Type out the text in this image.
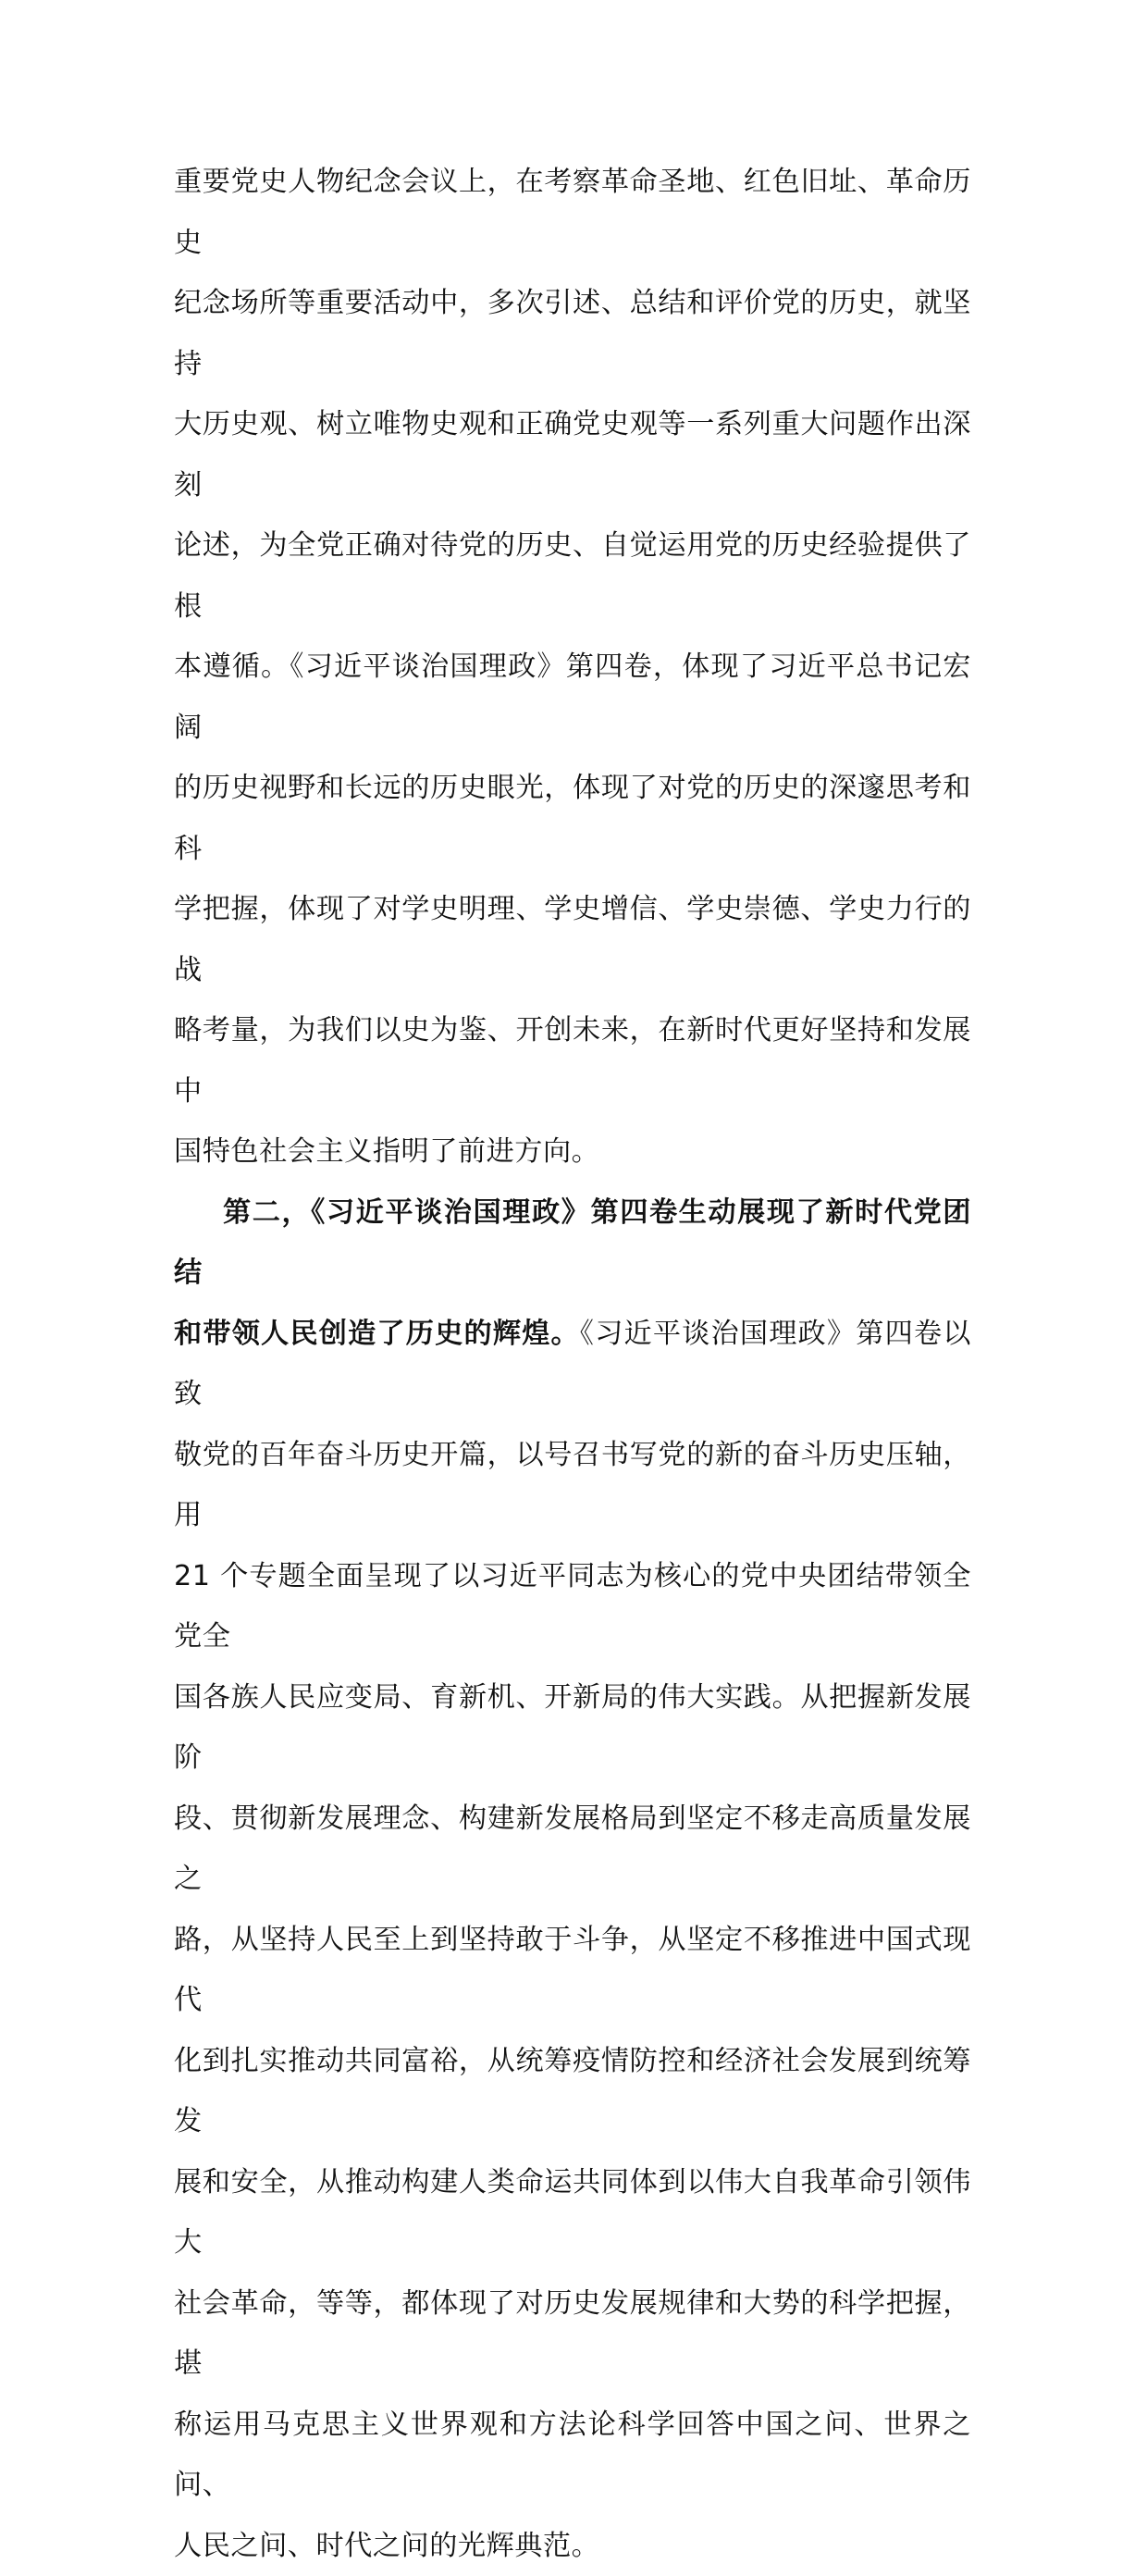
重要党史人物纪念会议上，在考察革命圣地、红色旧址、革命历史
纪念场所等重要活动中，多次引述、总结和评价党的历史，就坚持
大历史观、树立唯物史观和正确党史观等一系列重大问题作出深刻
论述，为全党正确对待党的历史、自觉运用党的历史经验提供了根
本遵循。《习近平谈治国理政》第四卷，体现了习近平总书记宏阔
的历史视野和长远的历史眼光，体现了对党的历史的深邃思考和科
学把握，体现了对学史明理、学史增信、学史崇德、学史力行的战
略考量，为我们以史为鉴、开创未来，在新时代更好坚持和发展中
国特色社会主义指明了前进方向。

第二，《习近平谈治国理政》第四卷生动展现了新时代党团结
和带领人民创造了历史的辉煌。《习近平谈治国理政》第四卷以致
敬党的百年奋斗历史开篇，以号召书写党的新的奋斗历史压轴，用
21 个专题全面呈现了以习近平同志为核心的党中央团结带领全党全
国各族人民应变局、育新机、开新局的伟大实践。从把握新发展阶
段、贯彻新发展理念、构建新发展格局到坚定不移走高质量发展之
路，从坚持人民至上到坚持敢于斗争，从坚定不移推进中国式现代
化到扎实推动共同富裕，从统筹疫情防控和经济社会发展到统筹发
展和安全，从推动构建人类命运共同体到以伟大自我革命引领伟大
社会革命，等等，都体现了对历史发展规律和大势的科学把握，堪
称运用马克思主义世界观和方法论科学回答中国之问、世界之问、
人民之问、时代之问的光辉典范。
